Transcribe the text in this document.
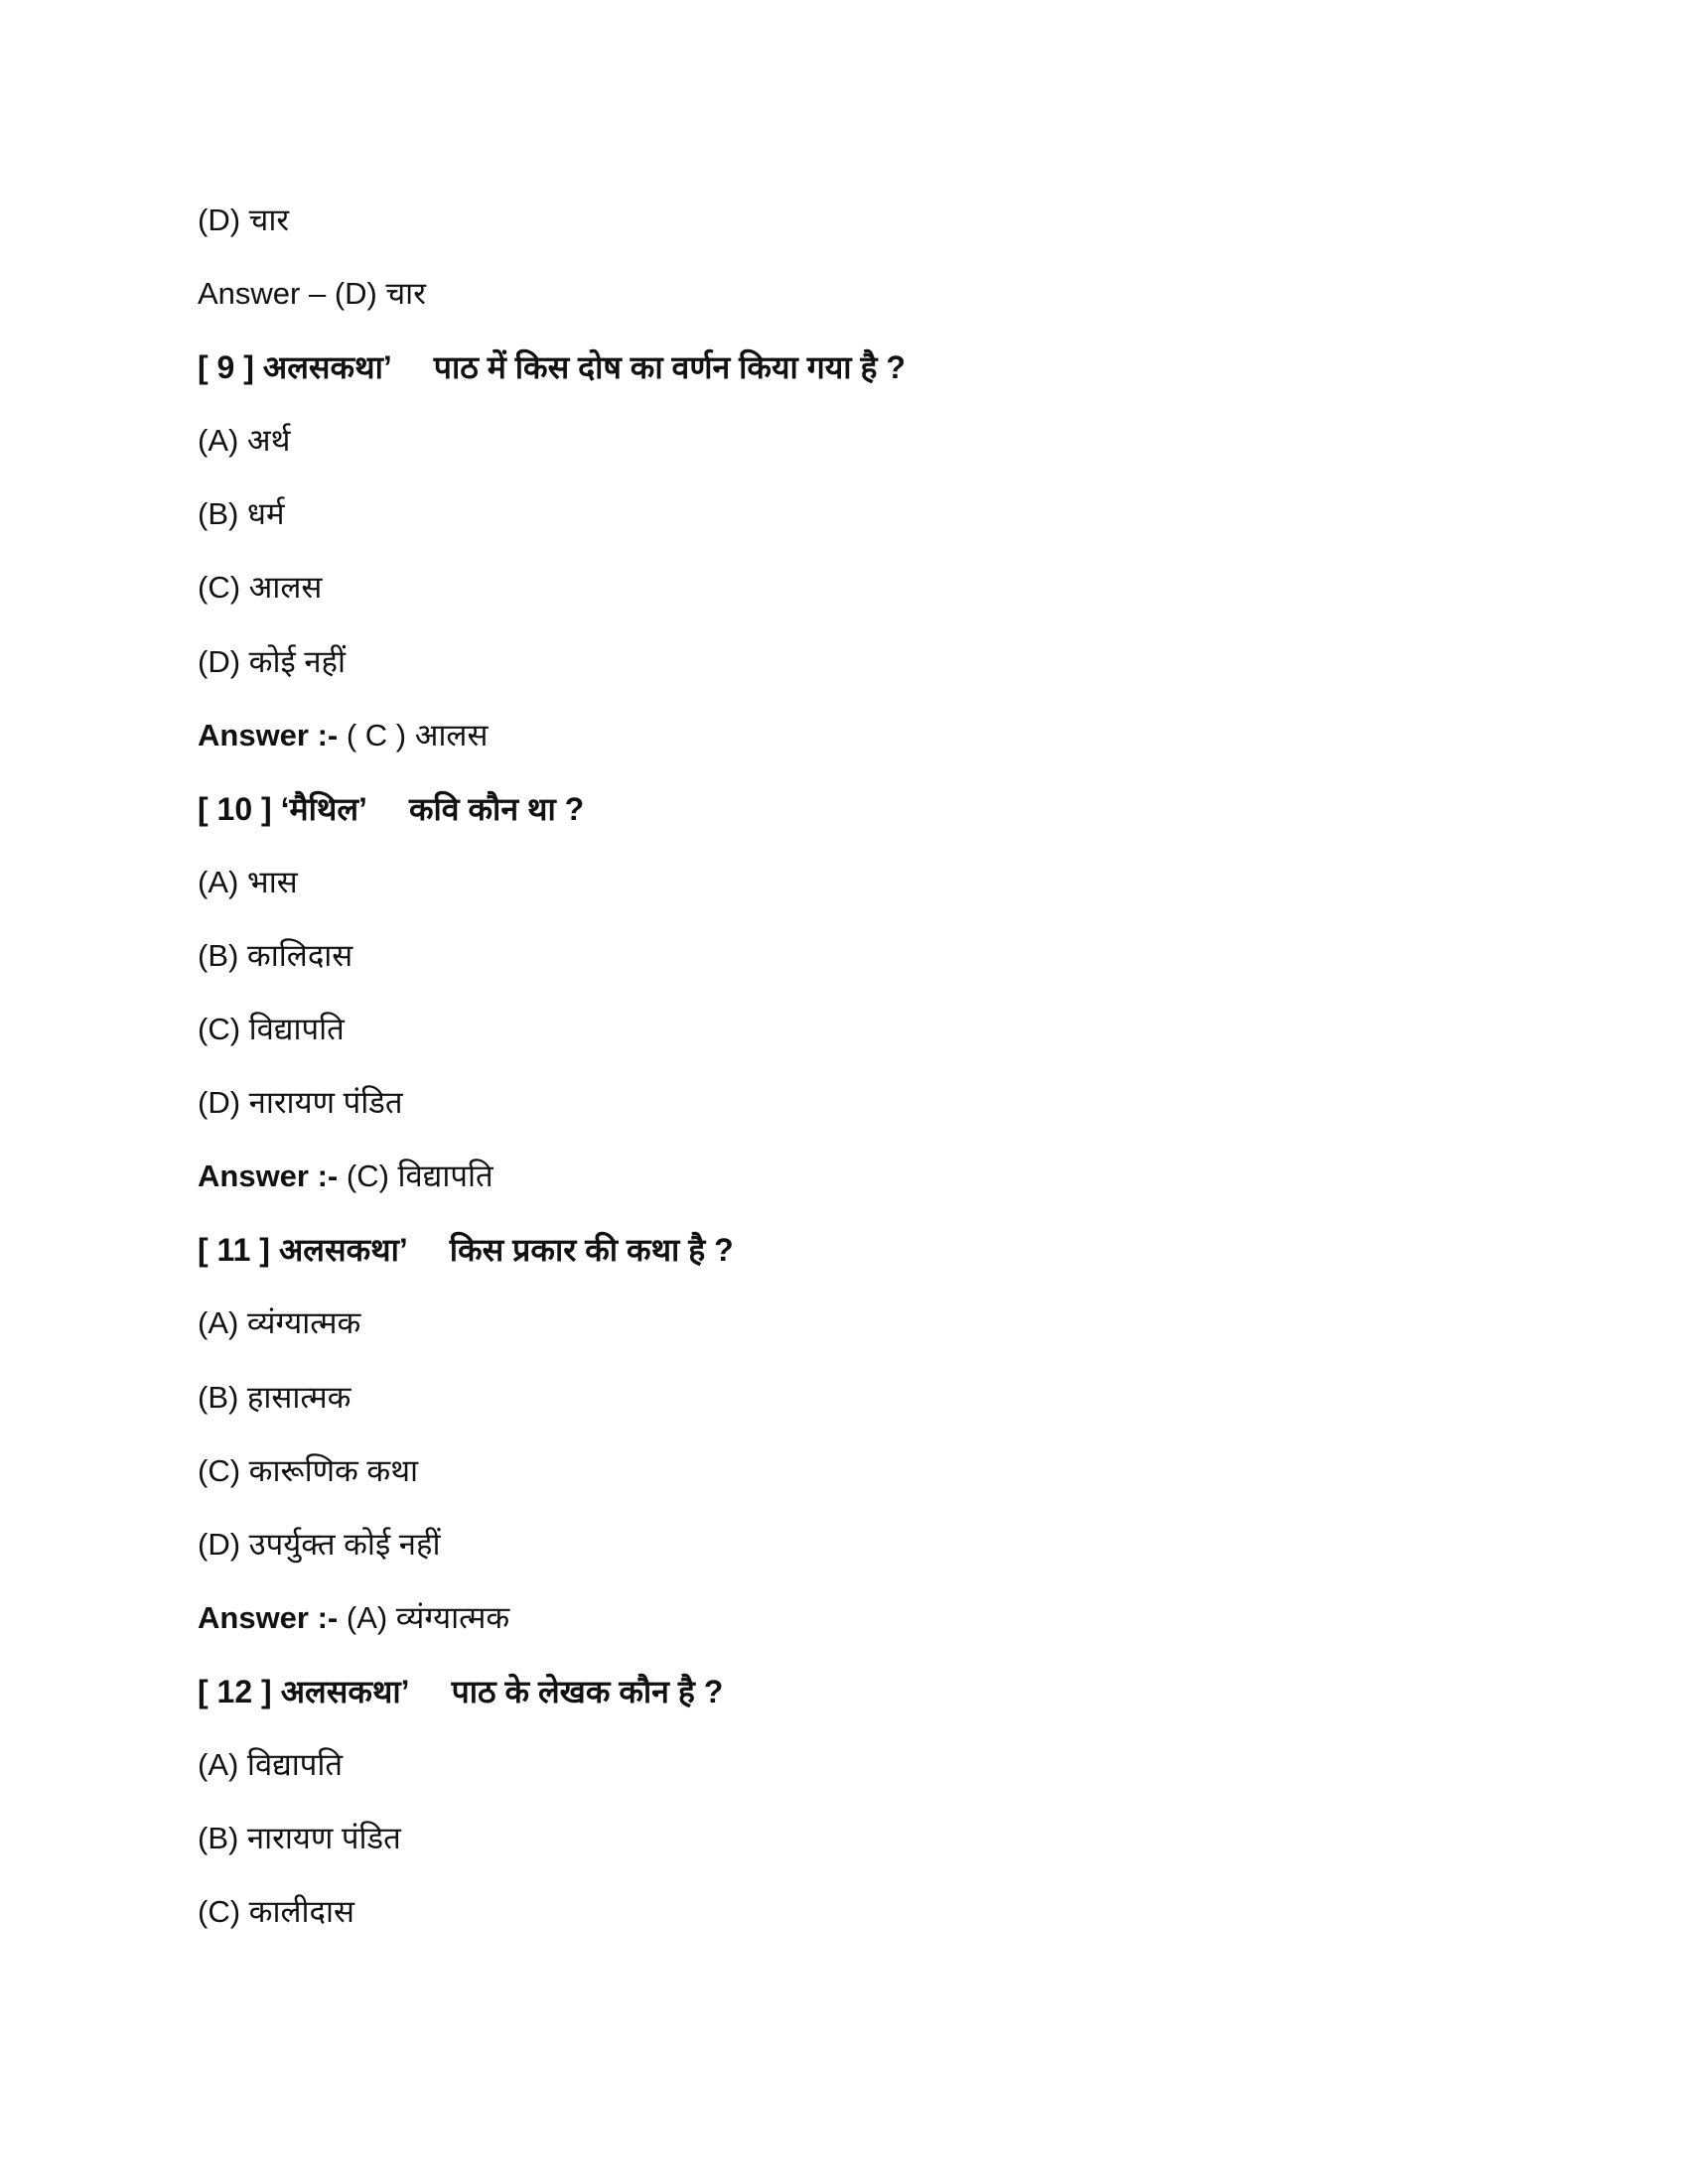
(D) चार
Answer – (D) चार
[ 9 ] अलसकथा’ पाठ में किस दोष का वर्णन किया गया है ?
(A) अर्थ
(B) धर्म
(C) आलस
(D) कोई नहीं
Answer :- ( C ) आलस
[ 10 ] ‘मैथिल’ कवि कौन था ?
(A) भास
(B) कालिदास
(C) विद्यापति
(D) नारायण पंडित
Answer :- (C) विद्यापति
[ 11 ] अलसकथा’ किस प्रकार की कथा है ?
(A) व्यंग्यात्मक
(B) हासात्मक
(C) कारूणिक कथा
(D) उपर्युक्त कोई नहीं
Answer :- (A) व्यंग्यात्मक
[ 12 ] अलसकथा’ पाठ के लेखक कौन है ?
(A) विद्यापति
(B) नारायण पंडित
(C) कालीदास
